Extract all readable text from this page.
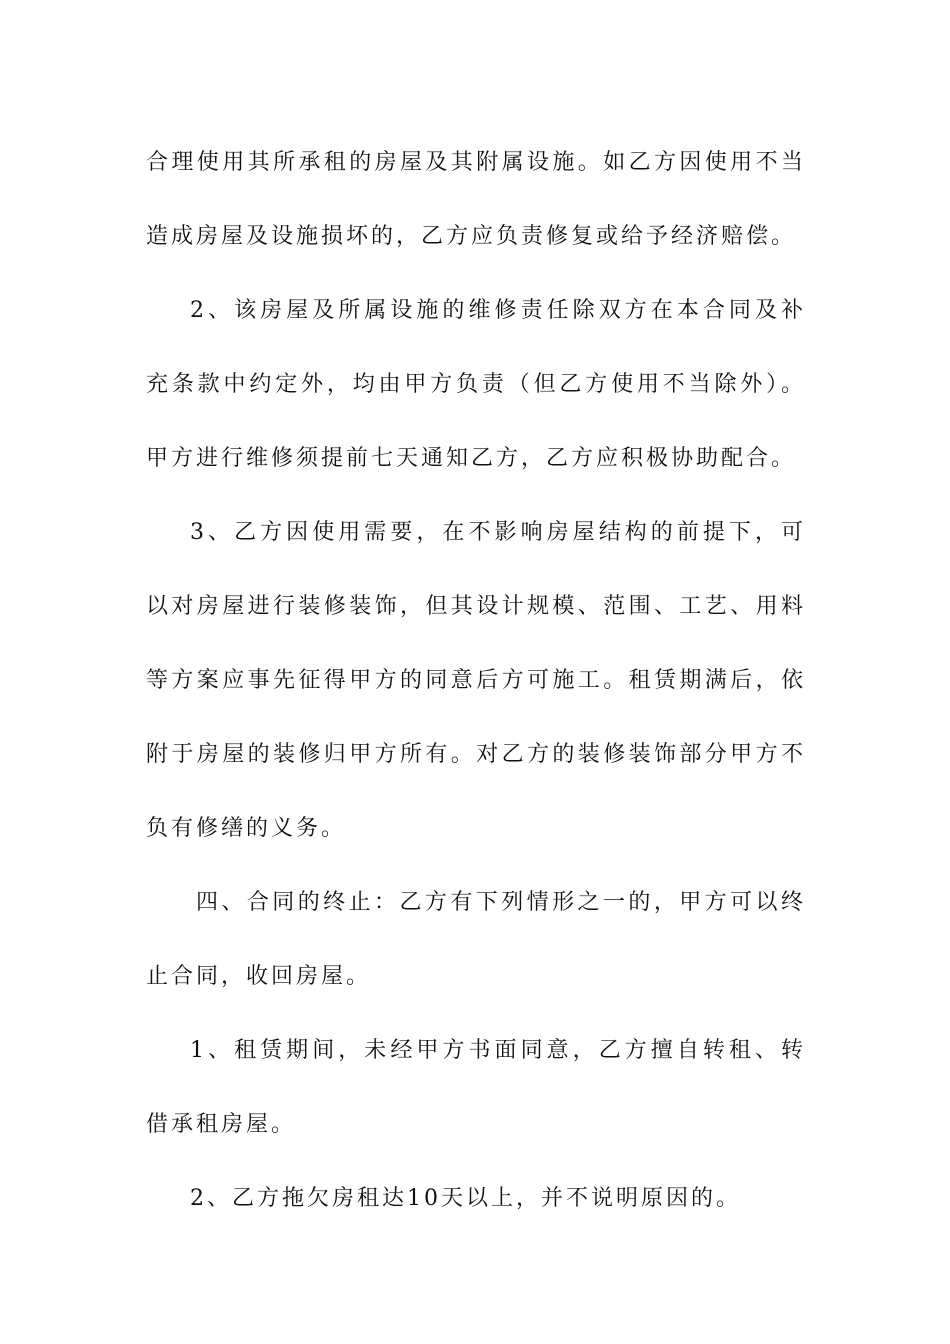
合理使用其所承租的房屋及其附属设施。如乙方因使用不当造成房屋及设施损坏的，乙方应负责修复或给予经济赔偿。

2、该房屋及所属设施的维修责任除双方在本合同及补充条款中约定外，均由甲方负责（但乙方使用不当除外）。甲方进行维修须提前七天通知乙方，乙方应积极协助配合。

3、乙方因使用需要，在不影响房屋结构的前提下，可以对房屋进行装修装饰，但其设计规模、范围、工艺、用料等方案应事先征得甲方的同意后方可施工。租赁期满后，依附于房屋的装修归甲方所有。对乙方的装修装饰部分甲方不负有修缮的义务。

四、合同的终止：乙方有下列情形之一的，甲方可以终止合同，收回房屋。

1、租赁期间，未经甲方书面同意，乙方擅自转租、转借承租房屋。

2、乙方拖欠房租达10天以上，并不说明原因的。
